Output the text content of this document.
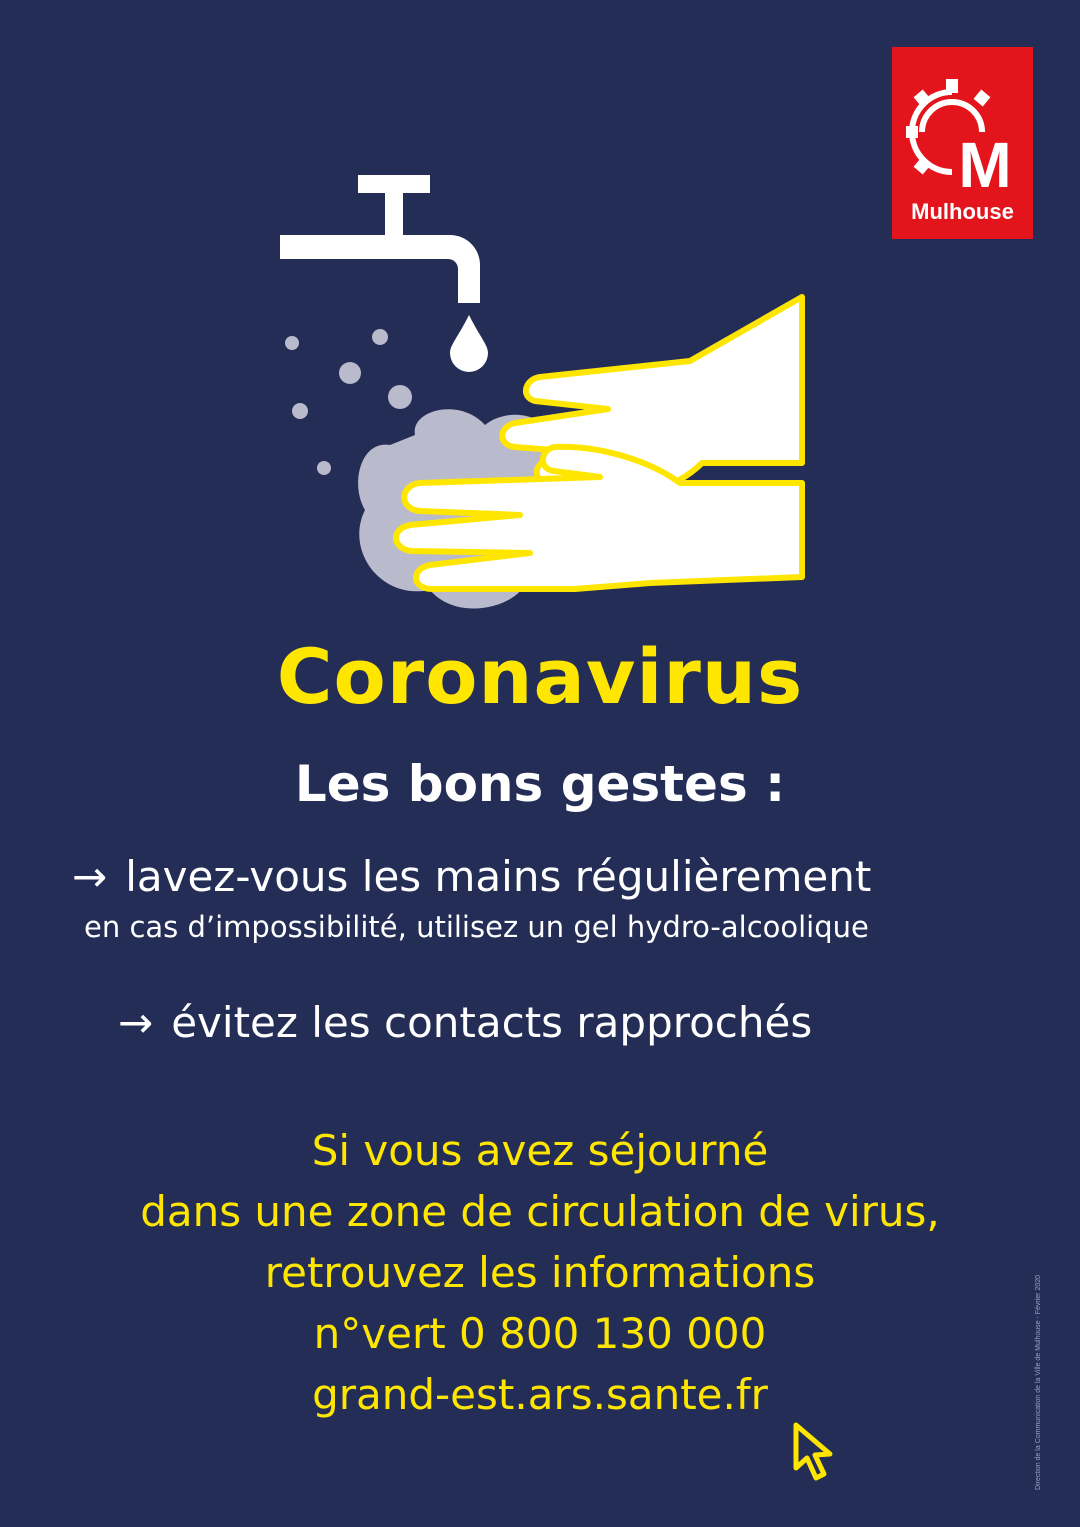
M
Mulhouse
Coronavirus
Les bons gestes :
→ lavez-vous les mains régulièrement
en cas d’impossibilité, utilisez un gel hydro-alcoolique
→ évitez les contacts rapprochés
Si vous avez séjourné
dans une zone de circulation de virus,
retrouvez les informations
n°vert 0 800 130 000
grand-est.ars.sante.fr	Direction de la Communication de la Ville de Mulhouse - Février 2020
